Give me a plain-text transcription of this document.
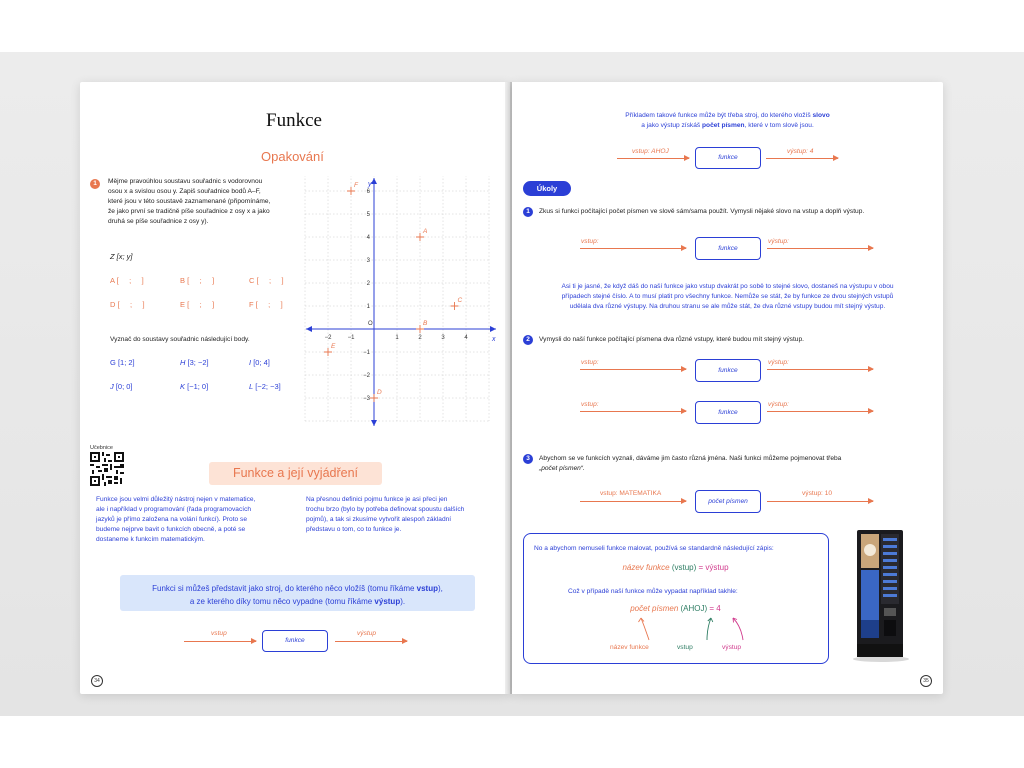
Funkce
Opakování
1	Mějme pravoúhlou soustavu souřadnic s vodorovnou
osou x a svislou osou y. Zapiš souřadnice bodů A–F,
které jsou v této soustavě zaznamenané (připomínáme,
že jako první se tradičně píše souřadnice z osy x a jako
druhá se píše souřadnice z osy y).
Z [x; y]
A [     ;     ]	B [     ;     ]	C [     ;     ]
D [     ;     ]	E [     ;     ]	F [     ;     ]
Vyznač do soustavy souřadnic následující body.
G [1; 2]	H [3; −2]	I [0; 4]
J [0; 0]	K [−1; 0]	L [−2; −3]
x
y
O
−2	−1	1	2	3	4
6
5
4
3
2
1
−1
−2
−3
A
B
C
D
E
F
Učebnice
Funkce a její vyjádření
Funkce jsou velmi důležitý nástroj nejen v matematice,
ale i například v programování (řada programovacích
jazyků je přímo založena na volání funkcí). Proto se
budeme nejprve bavit o funkcích obecně, a poté se
dostaneme k funkcím matematickým.
Na přesnou definici pojmu funkce je asi přeci jen
trochu brzo (bylo by potřeba definovat spoustu dalších
pojmů), a tak si zkusíme vytvořit alespoň základní
představu o tom, co to funkce je.
Funkci si můžeš představit jako stroj, do kterého něco vložíš (tomu říkáme vstup),
a ze kterého díky tomu něco vypadne (tomu říkáme výstup).
vstup
funkce
výstup
34
Příkladem takové funkce může být třeba stroj, do kterého vložíš slovo
a jako výstup získáš počet písmen, které v tom slově jsou.
vstup: AHOJ
funkce
výstup: 4
Úkoly
1	Zkus si funkci počítající počet písmen ve slově sám/sama použít. Vymysli nějaké slovo na vstup a doplň výstup.
vstup:
funkce
výstup:
Asi ti je jasné, že když dáš do naší funkce jako vstup dvakrát po sobě to stejné slovo, dostaneš na výstupu v obou
případech stejné číslo. A to musí platit pro všechny funkce. Nemůže se stát, že by funkce ze dvou stejných vstupů
udělala dva různé výstupy. Na druhou stranu se ale může stát, že dva různé vstupy budou mít stejný výstup.
2	Vymysli do naší funkce počítající písmena dva různé vstupy, které budou mít stejný výstup.
vstup:
funkce
výstup:
vstup:
funkce
výstup:
3	Abychom se ve funkcích vyznali, dáváme jim často různá jména. Naši funkci můžeme pojmenovat třeba
„počet písmen“.
vstup: MATEMATIKA
počet písmen
výstup: 10
No a abychom nemuseli funkce malovat, používá se standardně následující zápis:
název funkce (vstup) = výstup
Což v případě naší funkce může vypadat například takhle:
počet písmen (AHOJ) = 4
název funkce	vstup	výstup
35
